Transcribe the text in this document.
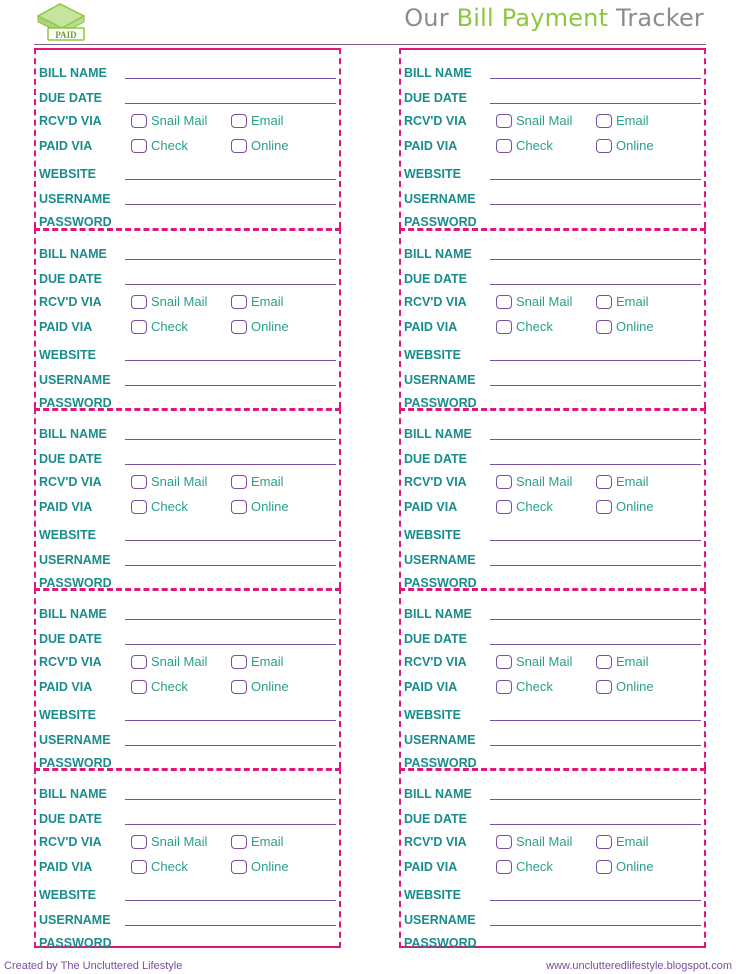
PAID
Our Bill Payment Tracker
BILL NAME
DUE DATE
RCV'D VIA	Snail Mail	Email
PAID VIA	Check	Online
WEBSITE
USERNAME
PASSWORD
BILL NAME
DUE DATE
RCV'D VIA	Snail Mail	Email
PAID VIA	Check	Online
WEBSITE
USERNAME
PASSWORD
BILL NAME
DUE DATE
RCV'D VIA	Snail Mail	Email
PAID VIA	Check	Online
WEBSITE
USERNAME
PASSWORD
BILL NAME
DUE DATE
RCV'D VIA	Snail Mail	Email
PAID VIA	Check	Online
WEBSITE
USERNAME
PASSWORD
BILL NAME
DUE DATE
RCV'D VIA	Snail Mail	Email
PAID VIA	Check	Online
WEBSITE
USERNAME
PASSWORD
BILL NAME
DUE DATE
RCV'D VIA	Snail Mail	Email
PAID VIA	Check	Online
WEBSITE
USERNAME
PASSWORD
BILL NAME
DUE DATE
RCV'D VIA	Snail Mail	Email
PAID VIA	Check	Online
WEBSITE
USERNAME
PASSWORD
BILL NAME
DUE DATE
RCV'D VIA	Snail Mail	Email
PAID VIA	Check	Online
WEBSITE
USERNAME
PASSWORD
BILL NAME
DUE DATE
RCV'D VIA	Snail Mail	Email
PAID VIA	Check	Online
WEBSITE
USERNAME
PASSWORD
BILL NAME
DUE DATE
RCV'D VIA	Snail Mail	Email
PAID VIA	Check	Online
WEBSITE
USERNAME
PASSWORD
Created by The Uncluttered Lifestyle	www.unclutteredlifestyle.blogspot.com
